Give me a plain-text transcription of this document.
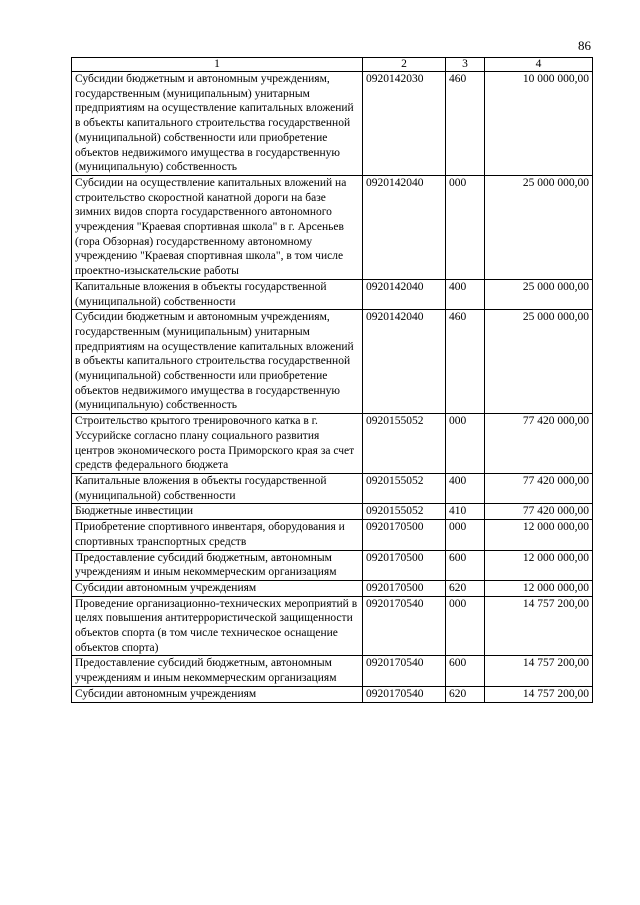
86
1	2	3	4
Субсидии бюджетным и автономным учреждениям, государственным (муниципальным) унитарным предприятиям на осуществление капитальных вложений в объекты капитального строительства государственной (муниципальной) собственности или приобретение объектов недвижимого имущества в государственную (муниципальную) собственность	0920142030	460	10 000 000,00
Субсидии на осуществление капитальных вложений на строительство скоростной канатной дороги на базе зимних видов спорта государственного автономного учреждения "Краевая спортивная школа" в г. Арсеньев (гора Обзорная) государственному автономному учреждению "Краевая спортивная школа", в том числе проектно-изыскательские работы	0920142040	000	25 000 000,00
Капитальные вложения в объекты государственной (муниципальной) собственности	0920142040	400	25 000 000,00
Субсидии бюджетным и автономным учреждениям, государственным (муниципальным) унитарным предприятиям на осуществление капитальных вложений в объекты капитального строительства государственной (муниципальной) собственности или приобретение объектов недвижимого имущества в государственную (муниципальную) собственность	0920142040	460	25 000 000,00
Строительство крытого тренировочного катка в г. Уссурийске согласно плану социального развития центров экономического роста Приморского края за счет средств федерального бюджета	0920155052	000	77 420 000,00
Капитальные вложения в объекты государственной (муниципальной) собственности	0920155052	400	77 420 000,00
Бюджетные инвестиции	0920155052	410	77 420 000,00
Приобретение спортивного инвентаря, оборудования и спортивных транспортных средств	0920170500	000	12 000 000,00
Предоставление субсидий бюджетным, автономным учреждениям и иным некоммерческим организациям	0920170500	600	12 000 000,00
Субсидии автономным учреждениям	0920170500	620	12 000 000,00
Проведение организационно-технических мероприятий в целях повышения антитеррористической защищенности объектов спорта (в том числе техническое оснащение объектов спорта)	0920170540	000	14 757 200,00
Предоставление субсидий бюджетным, автономным учреждениям и иным некоммерческим организациям	0920170540	600	14 757 200,00
Субсидии автономным учреждениям	0920170540	620	14 757 200,00
